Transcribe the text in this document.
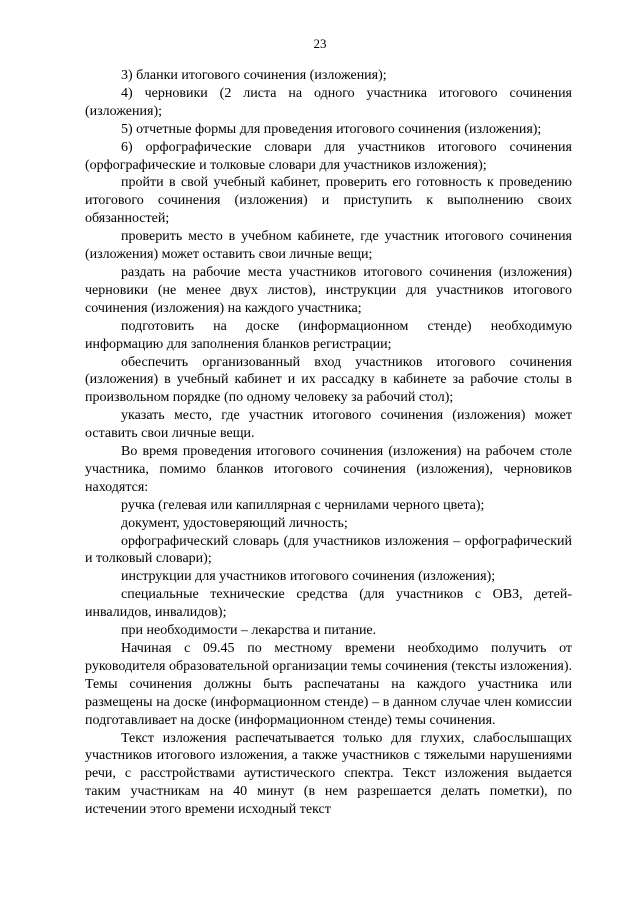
23

3) бланки итогового сочинения (изложения);

4) черновики (2 листа на одного участника итогового сочинения (изложения);

5) отчетные формы для проведения итогового сочинения (изложения);

6) орфографические словари для участников итогового сочинения (орфографические и толковые словари для участников изложения);

пройти в свой учебный кабинет, проверить его готовность к проведению итогового сочинения (изложения) и приступить к выполнению своих обязанностей;

проверить место в учебном кабинете, где участник итогового сочинения (изложения) может оставить свои личные вещи;

раздать на рабочие места участников итогового сочинения (изложения) черновики (не менее двух листов), инструкции для участников итогового сочинения (изложения) на каждого участника;

подготовить на доске (информационном стенде) необходимую информацию для заполнения бланков регистрации;

обеспечить организованный вход участников итогового сочинения (изложения) в учебный кабинет и их рассадку в кабинете за рабочие столы в произвольном порядке (по одному человеку за рабочий стол);

указать место, где участник итогового сочинения (изложения) может оставить свои личные вещи.

Во время проведения итогового сочинения (изложения) на рабочем столе участника, помимо бланков итогового сочинения (изложения), черновиков находятся:

ручка (гелевая или капиллярная с чернилами черного цвета);

документ, удостоверяющий личность;

орфографический словарь (для участников изложения – орфографический и толковый словари);

инструкции для участников итогового сочинения (изложения);

специальные технические средства (для участников с ОВЗ, детей-инвалидов, инвалидов);

при необходимости – лекарства и питание.

Начиная с 09.45 по местному времени необходимо получить от руководителя образовательной организации темы сочинения (тексты изложения). Темы сочинения должны быть распечатаны на каждого участника или размещены на доске (информационном стенде) – в данном случае член комиссии подготавливает на доске (информационном стенде) темы сочинения.

Текст изложения распечатывается только для глухих, слабослышащих участников итогового изложения, а также участников с тяжелыми нарушениями речи, с расстройствами аутистического спектра. Текст изложения выдается таким участникам на 40 минут (в нем разрешается делать пометки), по истечении этого времени исходный текст
